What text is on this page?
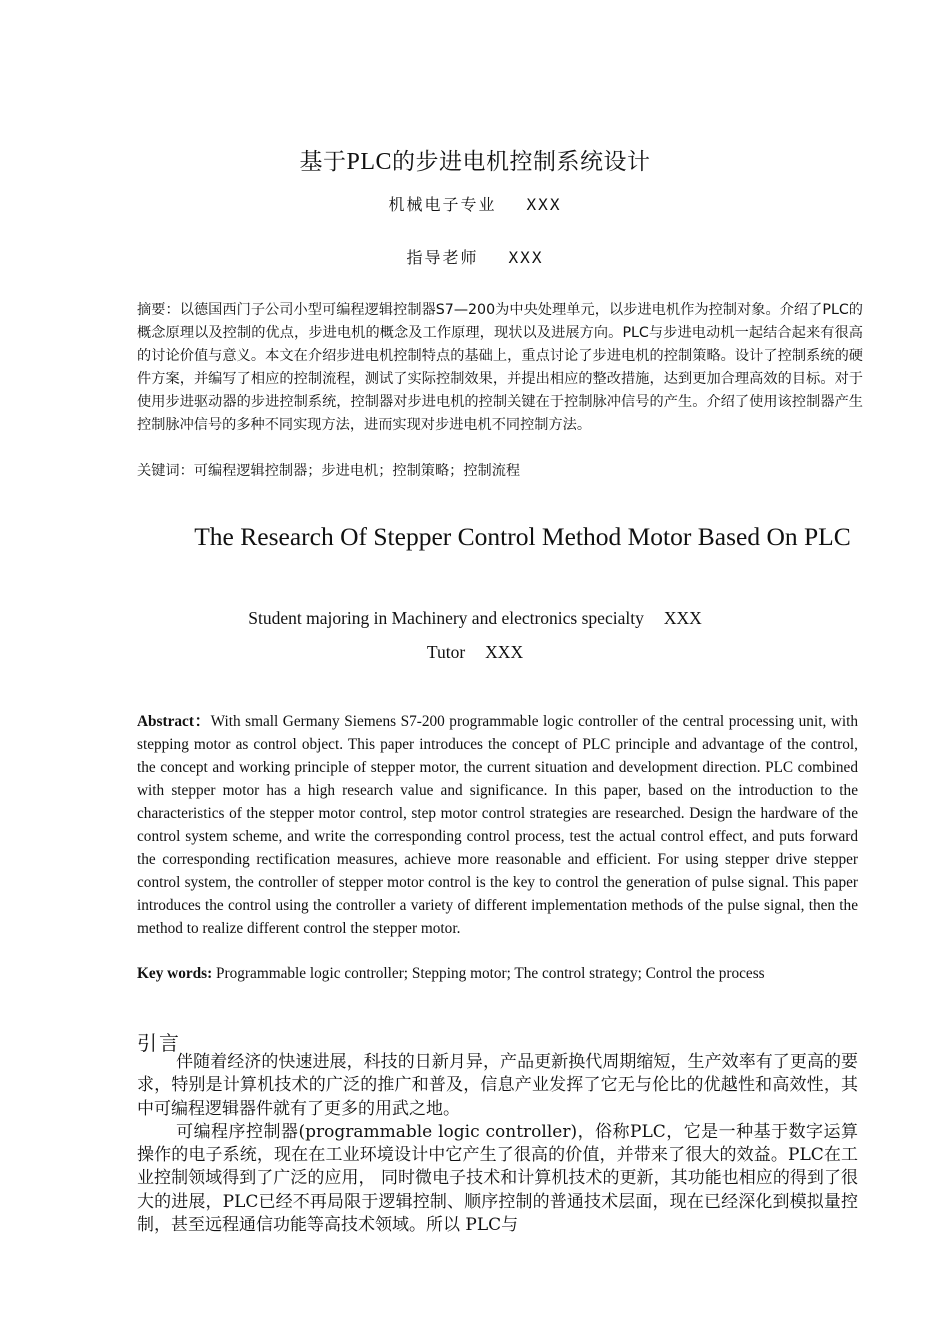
基于PLC的步进电机控制系统设计
机械电子专业 XXX
指导老师 XXX
摘要：以德国西门子公司小型可编程逻辑控制器S7—200为中央处理单元，以步进电机作为控制对象。介绍了PLC的概念原理以及控制的优点，步进电机的概念及工作原理，现状以及进展方向。PLC与步进电动机一起结合起来有很高的讨论价值与意义。本文在介绍步进电机控制特点的基础上，重点讨论了步进电机的控制策略。设计了控制系统的硬件方案，并编写了相应的控制流程，测试了实际控制效果，并提出相应的整改措施，达到更加合理高效的目标。对于使用步进驱动器的步进控制系统，控制器对步进电机的控制关键在于控制脉冲信号的产生。介绍了使用该控制器产生控制脉冲信号的多种不同实现方法，进而实现对步进电机不同控制方法。
关键词：可编程逻辑控制器；步进电机；控制策略；控制流程
The Research Of Stepper Control Method Motor Based On PLC
Student majoring in Machinery and electronics specialty XXX
Tutor XXX
Abstract：With small Germany Siemens S7-200 programmable logic controller of the central processing unit, with stepping motor as control object. This paper introduces the concept of PLC principle and advantage of the control, the concept and working principle of stepper motor, the current situation and development direction. PLC combined with stepper motor has a high research value and significance. In this paper, based on the introduction to the characteristics of the stepper motor control, step motor control strategies are researched. Design the hardware of the control system scheme, and write the corresponding control process, test the actual control effect, and puts forward the corresponding rectification measures, achieve more reasonable and efficient. For using stepper drive stepper control system, the controller of stepper motor control is the key to control the generation of pulse signal. This paper introduces the control using the controller a variety of different implementation methods of the pulse signal, then the method to realize different control the stepper motor.
Key words: Programmable logic controller; Stepping motor; The control strategy; Control the process
引言

伴随着经济的快速进展，科技的日新月异，产品更新换代周期缩短，生产效率有了更高的要求，特别是计算机技术的广泛的推广和普及，信息产业发挥了它无与伦比的优越性和高效性，其中可编程逻辑器件就有了更多的用武之地。

可编程序控制器(programmable logic controller)，俗称PLC，它是一种基于数字运算操作的电子系统，现在在工业环境设计中它产生了很高的价值，并带来了很大的效益。PLC在工业控制领域得到了广泛的应用， 同时微电子技术和计算机技术的更新，其功能也相应的得到了很大的进展，PLC已经不再局限于逻辑控制、顺序控制的普通技术层面，现在已经深化到模拟量控制，甚至远程通信功能等高技术领域。所以 PLC与
